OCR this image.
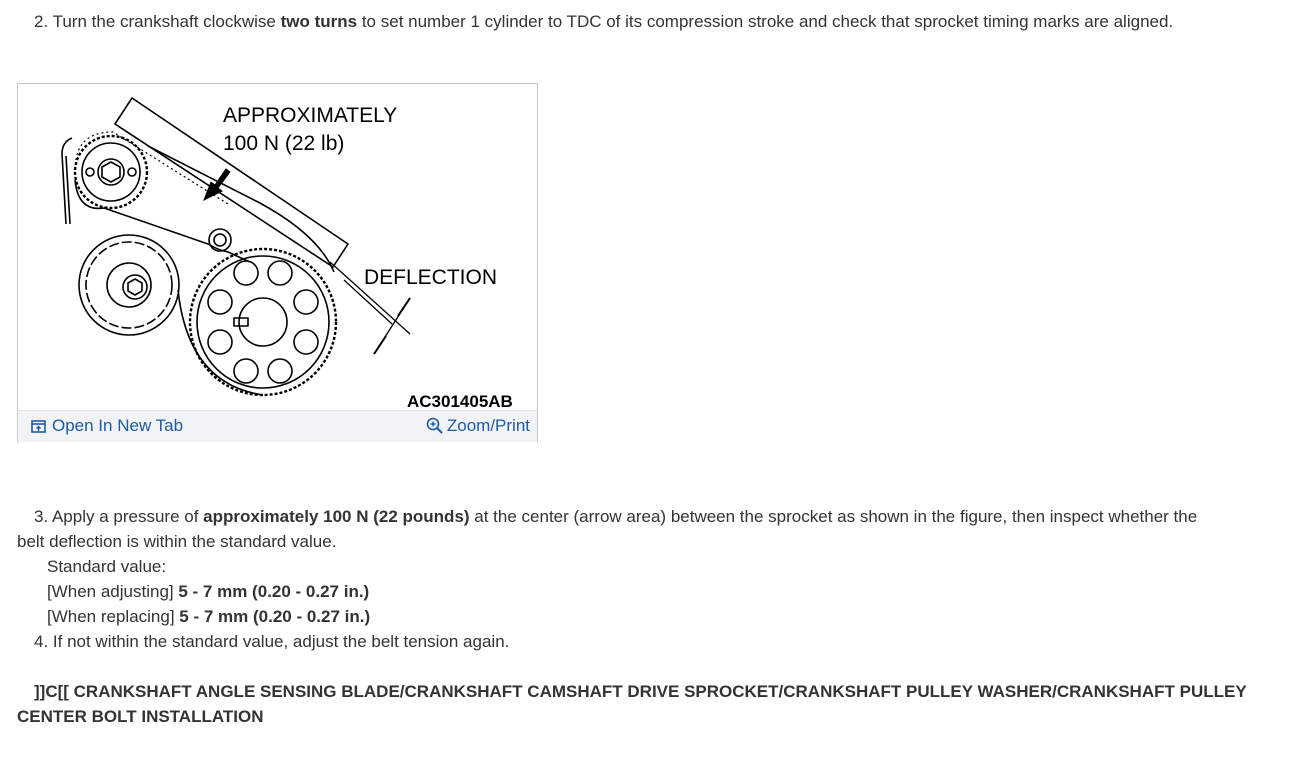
2. Turn the crankshaft clockwise two turns to set number 1 cylinder to TDC of its compression stroke and check that sprocket timing marks are aligned.
APPROXIMATELY
100 N (22 lb)
DEFLECTION
AC301405AB
Open In New Tab	Zoom/Print
3. Apply a pressure of approximately 100 N (22 pounds) at the center (arrow area) between the sprocket as shown in the figure, then inspect whether the
belt deflection is within the standard value.
Standard value:
[When adjusting] 5 - 7 mm (0.20 - 0.27 in.)
[When replacing] 5 - 7 mm (0.20 - 0.27 in.)
4. If not within the standard value, adjust the belt tension again.
]]C[[ CRANKSHAFT ANGLE SENSING BLADE/CRANKSHAFT CAMSHAFT DRIVE SPROCKET/CRANKSHAFT PULLEY WASHER/CRANKSHAFT PULLEY
CENTER BOLT INSTALLATION
